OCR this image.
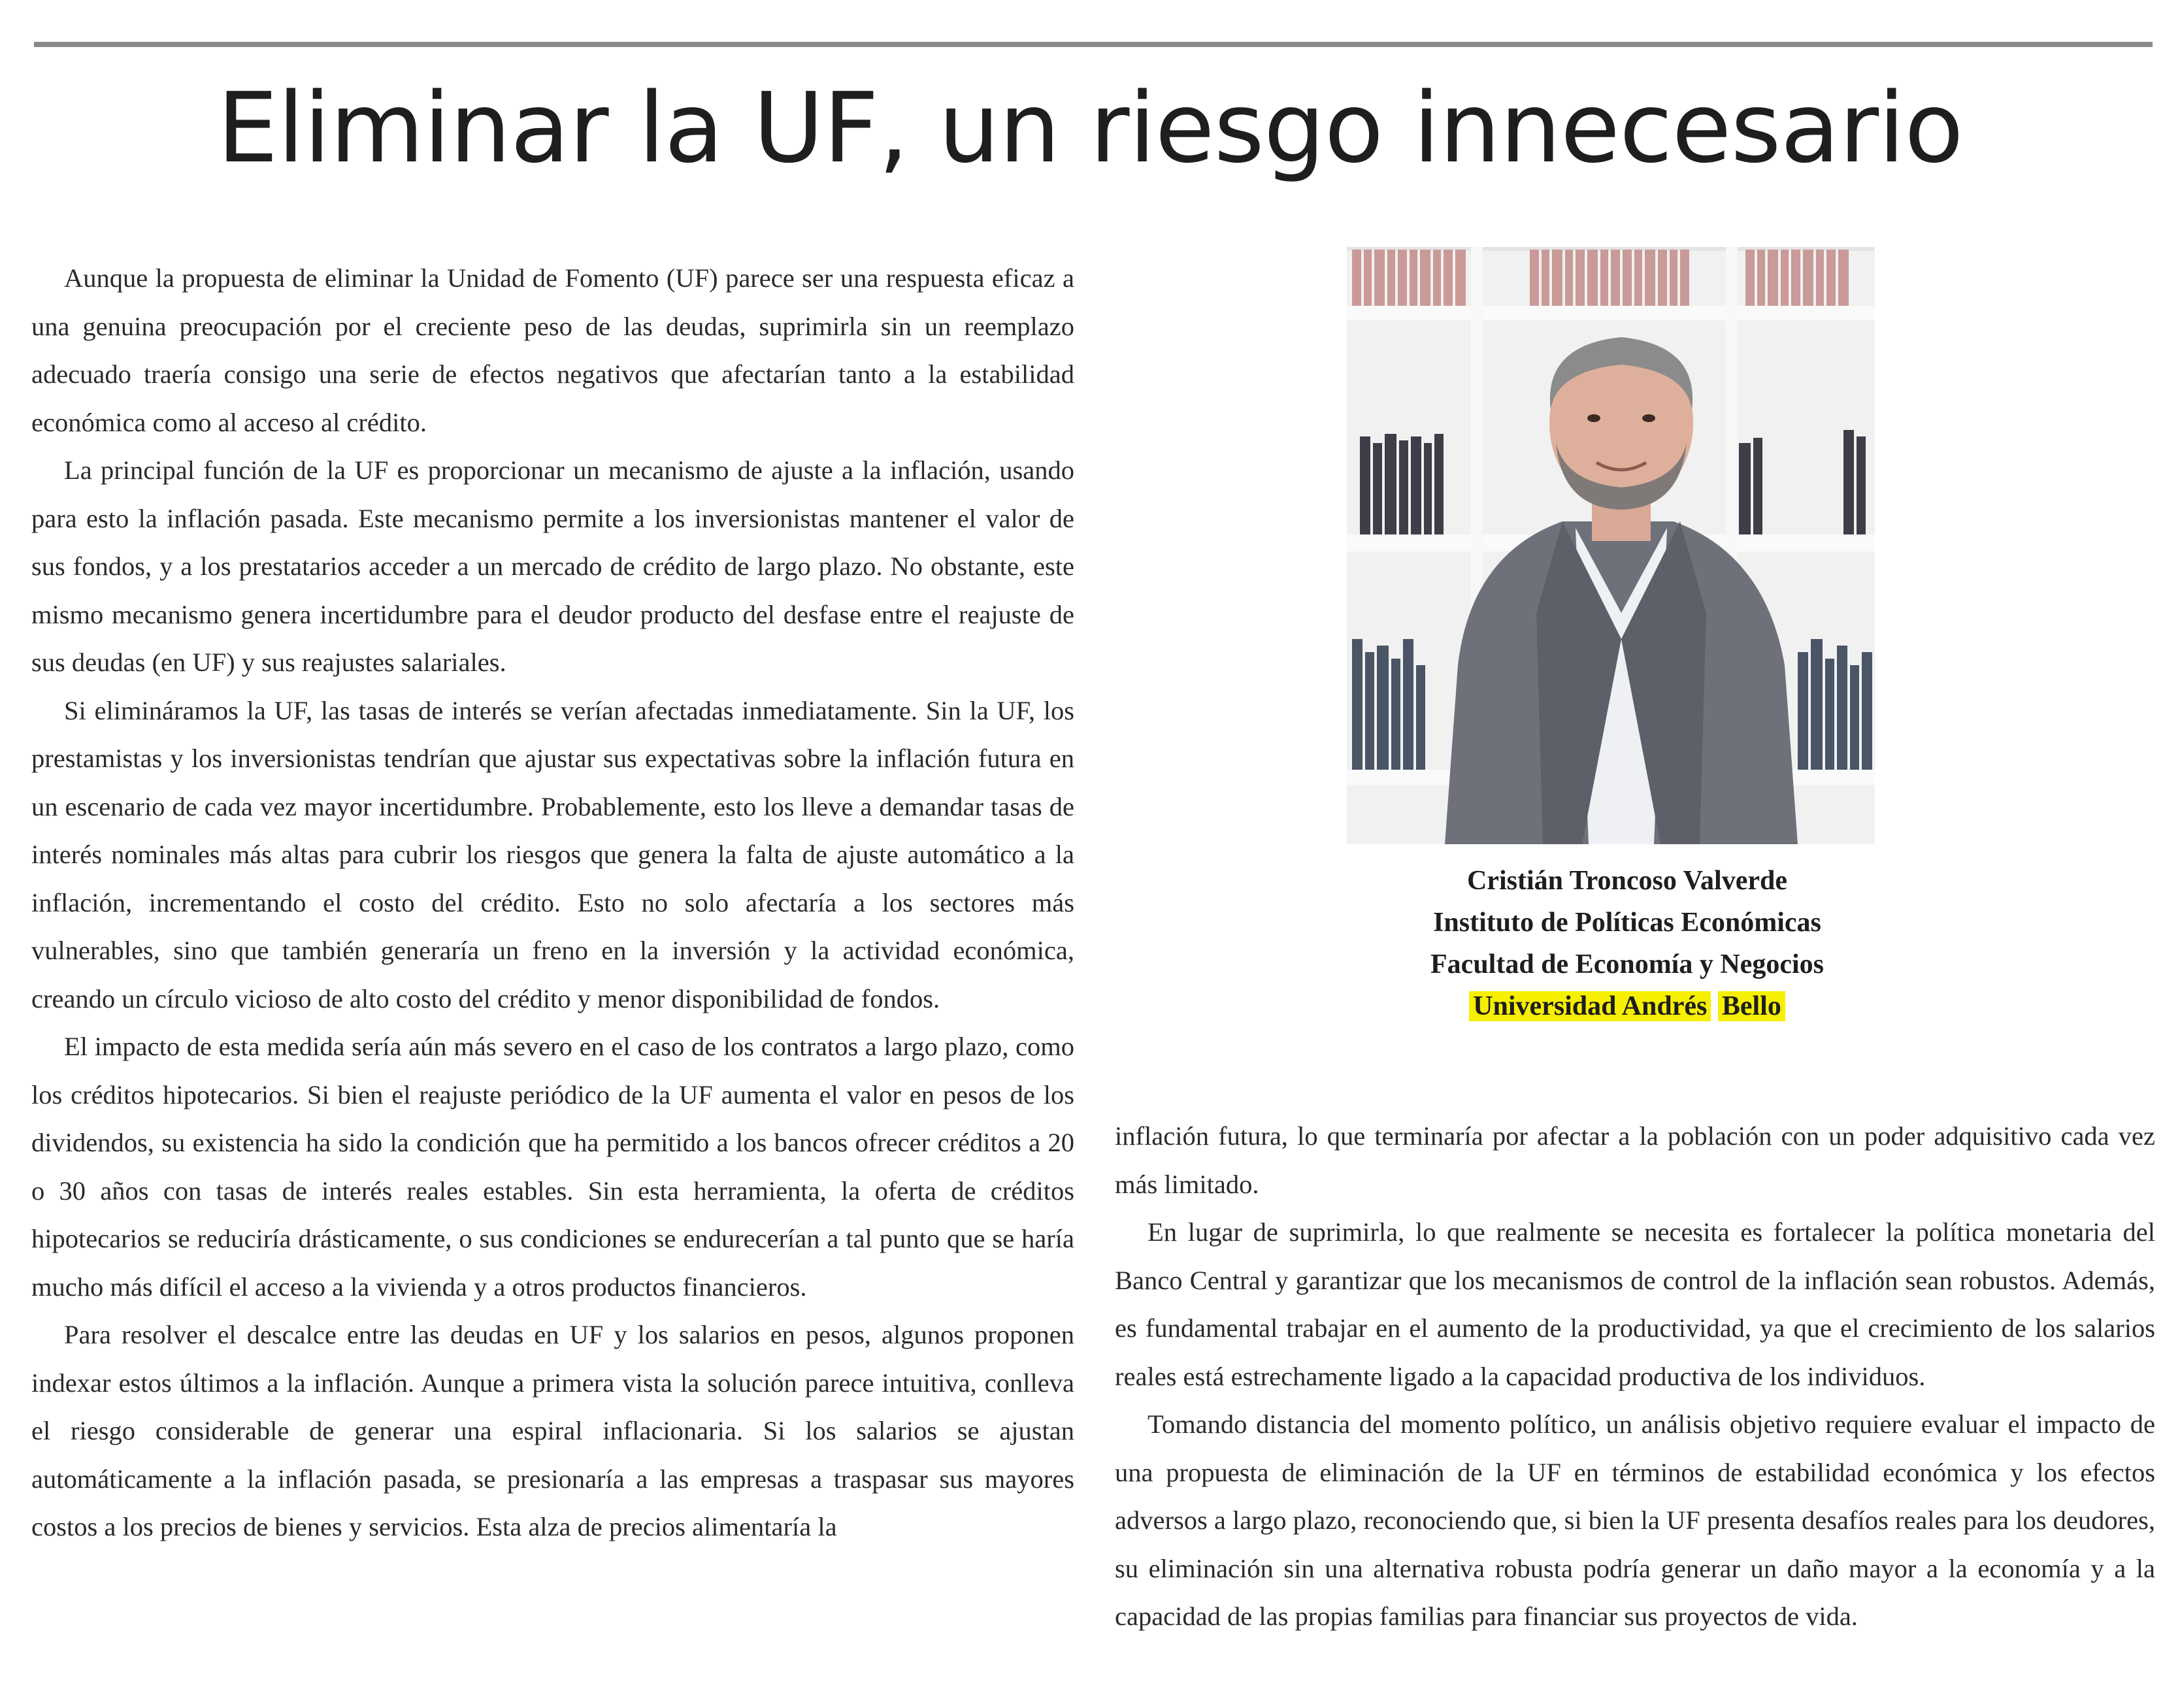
Eliminar la UF, un riesgo innecesario

Aunque la propuesta de eliminar la Unidad de Fomento (UF) parece ser una respuesta eficaz a una genuina preocupación por el creciente peso de las deudas, suprimirla sin un reemplazo adecuado traería consigo una serie de efectos negativos que afectarían tanto a la estabilidad económica como al acceso al crédito.

La principal función de la UF es proporcionar un mecanismo de ajuste a la inflación, usando para esto la inflación pasada. Este mecanismo permite a los inversionistas mantener el valor de sus fondos, y a los prestatarios acceder a un mercado de crédito de largo plazo. No obstante, este mismo mecanismo genera incertidumbre para el deudor producto del desfase entre el reajuste de sus deudas (en UF) y sus reajustes salariales.

Si elimináramos la UF, las tasas de interés se verían afectadas inmediatamente. Sin la UF, los prestamistas y los inversionistas tendrían que ajustar sus expectativas sobre la inflación futura en un escenario de cada vez mayor incertidumbre. Probablemente, esto los lleve a demandar tasas de interés nominales más altas para cubrir los riesgos que genera la falta de ajuste automático a la inflación, incrementando el costo del crédito. Esto no solo afectaría a los sectores más vulnerables, sino que también generaría un freno en la inversión y la actividad económica, creando un círculo vicioso de alto costo del crédito y menor disponibilidad de fondos.

El impacto de esta medida sería aún más severo en el caso de los contratos a largo plazo, como los créditos hipotecarios. Si bien el reajuste periódico de la UF aumenta el valor en pesos de los dividendos, su existencia ha sido la condición que ha permitido a los bancos ofrecer créditos a 20 o 30 años con tasas de interés reales estables. Sin esta herramienta, la oferta de créditos hipotecarios se reduciría drásticamente, o sus condiciones se endurecerían a tal punto que se haría mucho más difícil el acceso a la vivienda y a otros productos financieros.

Para resolver el descalce entre las deudas en UF y los salarios en pesos, algunos proponen indexar estos últimos a la inflación. Aunque a primera vista la solución parece intuitiva, conlleva el riesgo considerable de generar una espiral inflacionaria. Si los salarios se ajustan automáticamente a la inflación pasada, se presionaría a las empresas a traspasar sus mayores costos a los precios de bienes y servicios. Esta alza de precios alimentaría la

Cristián Troncoso Valverde
Instituto de Políticas Económicas
Facultad de Economía y Negocios
Universidad Andrés Bello

inflación futura, lo que terminaría por afectar a la población con un poder adquisitivo cada vez más limitado.

En lugar de suprimirla, lo que realmente se necesita es fortalecer la política monetaria del Banco Central y garantizar que los mecanismos de control de la inflación sean robustos. Además, es fundamental trabajar en el aumento de la productividad, ya que el crecimiento de los salarios reales está estrechamente ligado a la capacidad productiva de los individuos.

Tomando distancia del momento político, un análisis objetivo requiere evaluar el impacto de una propuesta de eliminación de la UF en términos de estabilidad económica y los efectos adversos a largo plazo, reconociendo que, si bien la UF presenta desafíos reales para los deudores, su eliminación sin una alternativa robusta podría generar un daño mayor a la economía y a la capacidad de las propias familias para financiar sus proyectos de vida.
